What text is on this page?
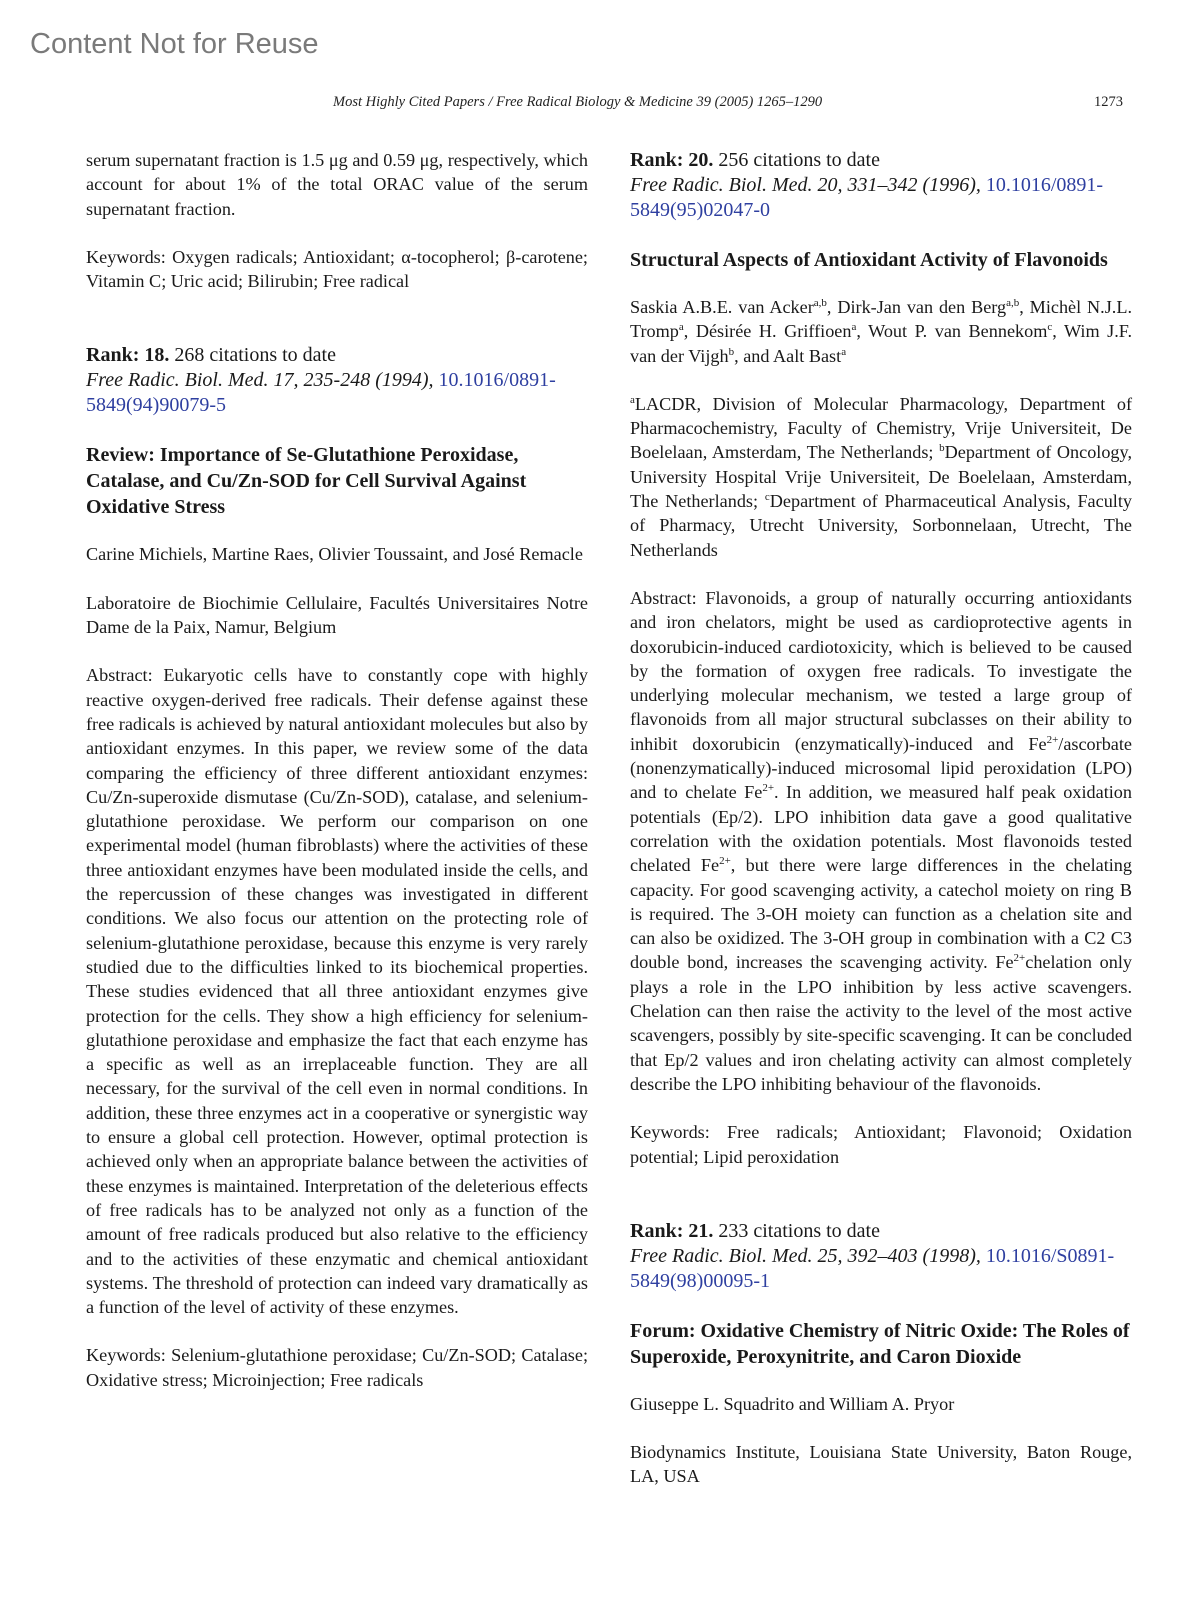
Content Not for Reuse
Most Highly Cited Papers / Free Radical Biology & Medicine 39 (2005) 1265–1290	1273

serum supernatant fraction is 1.5 μg and 0.59 μg, respectively, which account for about 1% of the total ORAC value of the serum supernatant fraction.

Keywords: Oxygen radicals; Antioxidant; α-tocopherol; β-carotene; Vitamin C; Uric acid; Bilirubin; Free radical

Rank: 18. 268 citations to date
Free Radic. Biol. Med. 17, 235-248 (1994), 10.1016/0891-5849(94)90079-5

Review: Importance of Se-Glutathione Peroxidase, Catalase, and Cu/Zn-SOD for Cell Survival Against Oxidative Stress

Carine Michiels, Martine Raes, Olivier Toussaint, and José Remacle

Laboratoire de Biochimie Cellulaire, Facultés Universitaires Notre Dame de la Paix, Namur, Belgium

Abstract: Eukaryotic cells have to constantly cope with highly reactive oxygen-derived free radicals. Their defense against these free radicals is achieved by natural antioxidant molecules but also by antioxidant enzymes. In this paper, we review some of the data comparing the efficiency of three different antioxidant enzymes: Cu/Zn-superoxide dismutase (Cu/Zn-SOD), catalase, and selenium-glutathione peroxidase. We perform our comparison on one experimental model (human fibroblasts) where the activities of these three antioxidant enzymes have been modulated inside the cells, and the repercussion of these changes was investigated in different conditions. We also focus our attention on the protecting role of selenium-glutathione peroxidase, because this enzyme is very rarely studied due to the difficulties linked to its biochemical properties. These studies evidenced that all three antioxidant enzymes give protection for the cells. They show a high efficiency for selenium-glutathione peroxidase and emphasize the fact that each enzyme has a specific as well as an irreplaceable function. They are all necessary, for the survival of the cell even in normal conditions. In addition, these three enzymes act in a cooperative or synergistic way to ensure a global cell protection. However, optimal protection is achieved only when an appropriate balance between the activities of these enzymes is maintained. Interpretation of the deleterious effects of free radicals has to be analyzed not only as a function of the amount of free radicals produced but also relative to the efficiency and to the activities of these enzymatic and chemical antioxidant systems. The threshold of protection can indeed vary dramatically as a function of the level of activity of these enzymes.

Keywords: Selenium-glutathione peroxidase; Cu/Zn-SOD; Catalase; Oxidative stress; Microinjection; Free radicals

Rank: 20. 256 citations to date
Free Radic. Biol. Med. 20, 331–342 (1996), 10.1016/0891-5849(95)02047-0

Structural Aspects of Antioxidant Activity of Flavonoids

Saskia A.B.E. van Acker$^{a,b}$, Dirk-Jan van den Berg$^{a,b}$, Michèl N.J.L. Tromp$^a$, Désirée H. Griffioen$^a$, Wout P. van Bennekom$^c$, Wim J.F. van der Vijgh$^b$, and Aalt Bast$^a$

$^a$LACDR, Division of Molecular Pharmacology, Department of Pharmacochemistry, Faculty of Chemistry, Vrije Universiteit, De Boelelaan, Amsterdam, The Netherlands; $^b$Department of Oncology, University Hospital Vrije Universiteit, De Boelelaan, Amsterdam, The Netherlands; $^c$Department of Pharmaceutical Analysis, Faculty of Pharmacy, Utrecht University, Sorbonnelaan, Utrecht, The Netherlands

Abstract: Flavonoids, a group of naturally occurring antioxidants and iron chelators, might be used as cardioprotective agents in doxorubicin-induced cardiotoxicity, which is believed to be caused by the formation of oxygen free radicals. To investigate the underlying molecular mechanism, we tested a large group of flavonoids from all major structural subclasses on their ability to inhibit doxorubicin (enzymatically)-induced and $Fe^{2+}$/ascorbate (nonenzymatically)-induced microsomal lipid peroxidation (LPO) and to chelate $Fe^{2+}$. In addition, we measured half peak oxidation potentials (Ep/2). LPO inhibition data gave a good qualitative correlation with the oxidation potentials. Most flavonoids tested chelated $Fe^{2+}$, but there were large differences in the chelating capacity. For good scavenging activity, a catechol moiety on ring B is required. The 3-OH moiety can function as a chelation site and can also be oxidized. The 3-OH group in combination with a C2 C3 double bond, increases the scavenging activity. $Fe^{2+}chelation$ only plays a role in the LPO inhibition by less active scavengers. Chelation can then raise the activity to the level of the most active scavengers, possibly by site-specific scavenging. It can be concluded that Ep/2 values and iron chelating activity can almost completely describe the LPO inhibiting behaviour of the flavonoids.

Keywords: Free radicals; Antioxidant; Flavonoid; Oxidation potential; Lipid peroxidation

Rank: 21. 233 citations to date
Free Radic. Biol. Med. 25, 392–403 (1998), 10.1016/S0891-5849(98)00095-1

Forum: Oxidative Chemistry of Nitric Oxide: The Roles of Superoxide, Peroxynitrite, and Caron Dioxide

Giuseppe L. Squadrito and William A. Pryor

Biodynamics Institute, Louisiana State University, Baton Rouge, LA, USA
